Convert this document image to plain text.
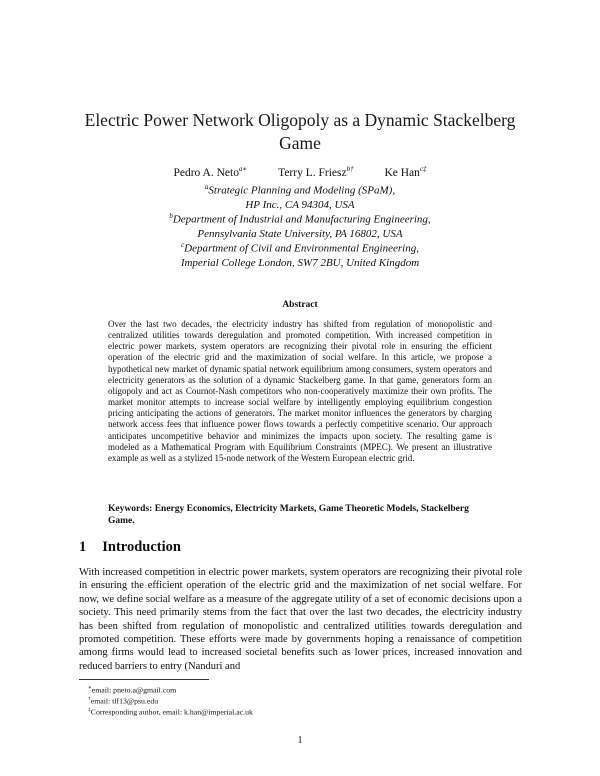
Electric Power Network Oligopoly as a Dynamic Stackelberg
Game
Pedro A. Neto$^{a∗}$	Terry L. Friesz$^{b\dagger}$	Ke Han$^{c\ddagger}$
$^a$Strategic Planning and Modeling (SPaM),
HP Inc., CA 94304, USA
$^b$Department of Industrial and Manufacturing Engineering,
Pennsylvania State University, PA 16802, USA
$^c$Department of Civil and Environmental Engineering,
Imperial College London, SW7 2BU, United Kingdom
Abstract
Over the last two decades, the electricity industry has shifted from regulation of monopolistic and centralized utilities towards deregulation and promoted competition. With increased competition in electric power markets, system operators are recognizing their pivotal role in ensuring the efficient operation of the electric grid and the maximization of social welfare. In this article, we propose a hypothetical new market of dynamic spatial network equilibrium among consumers, system operators and electricity generators as the solution of a dynamic Stackelberg game. In that game, generators form an oligopoly and act as Cournot-Nash competitors who non-cooperatively maximize their own profits. The market monitor attempts to increase social welfare by intelligently employing equilibrium congestion pricing anticipating the actions of generators. The market monitor influences the generators by charging network access fees that influence power flows towards a perfectly competitive scenario. Our approach anticipates uncompetitive behavior and minimizes the impacts upon society. The resulting game is modeled as a Mathematical Program with Equilibrium Constraints (MPEC). We present an illustrative example as well as a stylized 15-node network of the Western European electric grid.
Keywords: Energy Economics, Electricity Markets, Game Theoretic Models, Stackelberg Game.
1 Introduction
With increased competition in electric power markets, system operators are recognizing their pivotal role in ensuring the efficient operation of the electric grid and the maximization of net social welfare. For now, we define social welfare as a measure of the aggregate utility of a set of economic decisions upon a society. This need primarily stems from the fact that over the last two decades, the electricity industry has been shifted from regulation of monopolistic and centralized utilities towards deregulation and promoted competition. These efforts were made by governments hoping a renaissance of competition among firms would lead to increased societal benefits such as lower prices, increased innovation and reduced barriers to entry (Nanduri and
∗email: pneto.a@gmail.com
†email: tlf13@psu.edu
‡Corresponding author, email: k.han@imperial.ac.uk
1
